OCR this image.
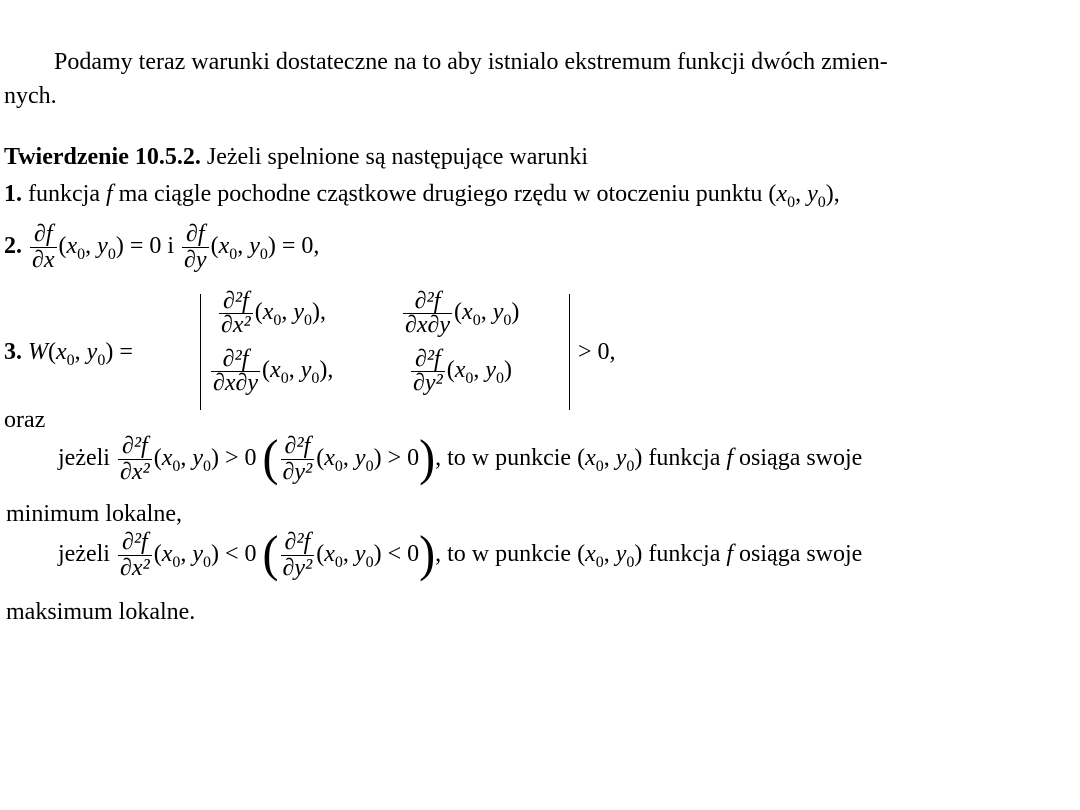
Podamy teraz warunki dostateczne na to aby istnialo ekstremum funkcji dwóch zmien-
nych.
Twierdzenie 10.5.2. Jeżeli spelnione są następujące warunki
1. funkcja f ma ciągle pochodne cząstkowe drugiego rzędu w otoczeniu punktu ($x_0$, $y_0$),
2. $\frac{\partial f}{\partial x} (x_0$, $y_0) = 0$ i $\frac{\partial f}{\partial y} (x_0$, $y_0) = 0$,
3. $W(x_0$, $y_0$) =
$\frac{\text{∂²f}}{\text{∂x²}} (x_0$, $y_0$),	$\frac{\text{∂²f}}{\partial x\partial y} (x_0$, $y_0$)
$\frac{\text{∂²f}}{\partial x\partial y} (x_0$, $y_0$),	$\frac{\text{∂²f}}{\text{∂y²}} (x_0$, $y_0$)
> 0,
oraz
jeżeli $\frac{\text{∂²f}}{\text{∂x²}} (x_0$, $y_0) > 0$ ( $\frac{\text{∂²f}}{\text{∂y²}} (x_0$, $y_0) > 0$), to w punkcie ($x_0$, $y_0$) funkcja f osiąga swoje
minimum lokalne,
jeżeli $\frac{\text{∂²f}}{\text{∂x²}} (x_0$, $y_0) < 0$ ( $\frac{\text{∂²f}}{\text{∂y²}} (x_0$, $y_0) < 0$), to w punkcie ($x_0$, $y_0$) funkcja f osiąga swoje
maksimum lokalne.
